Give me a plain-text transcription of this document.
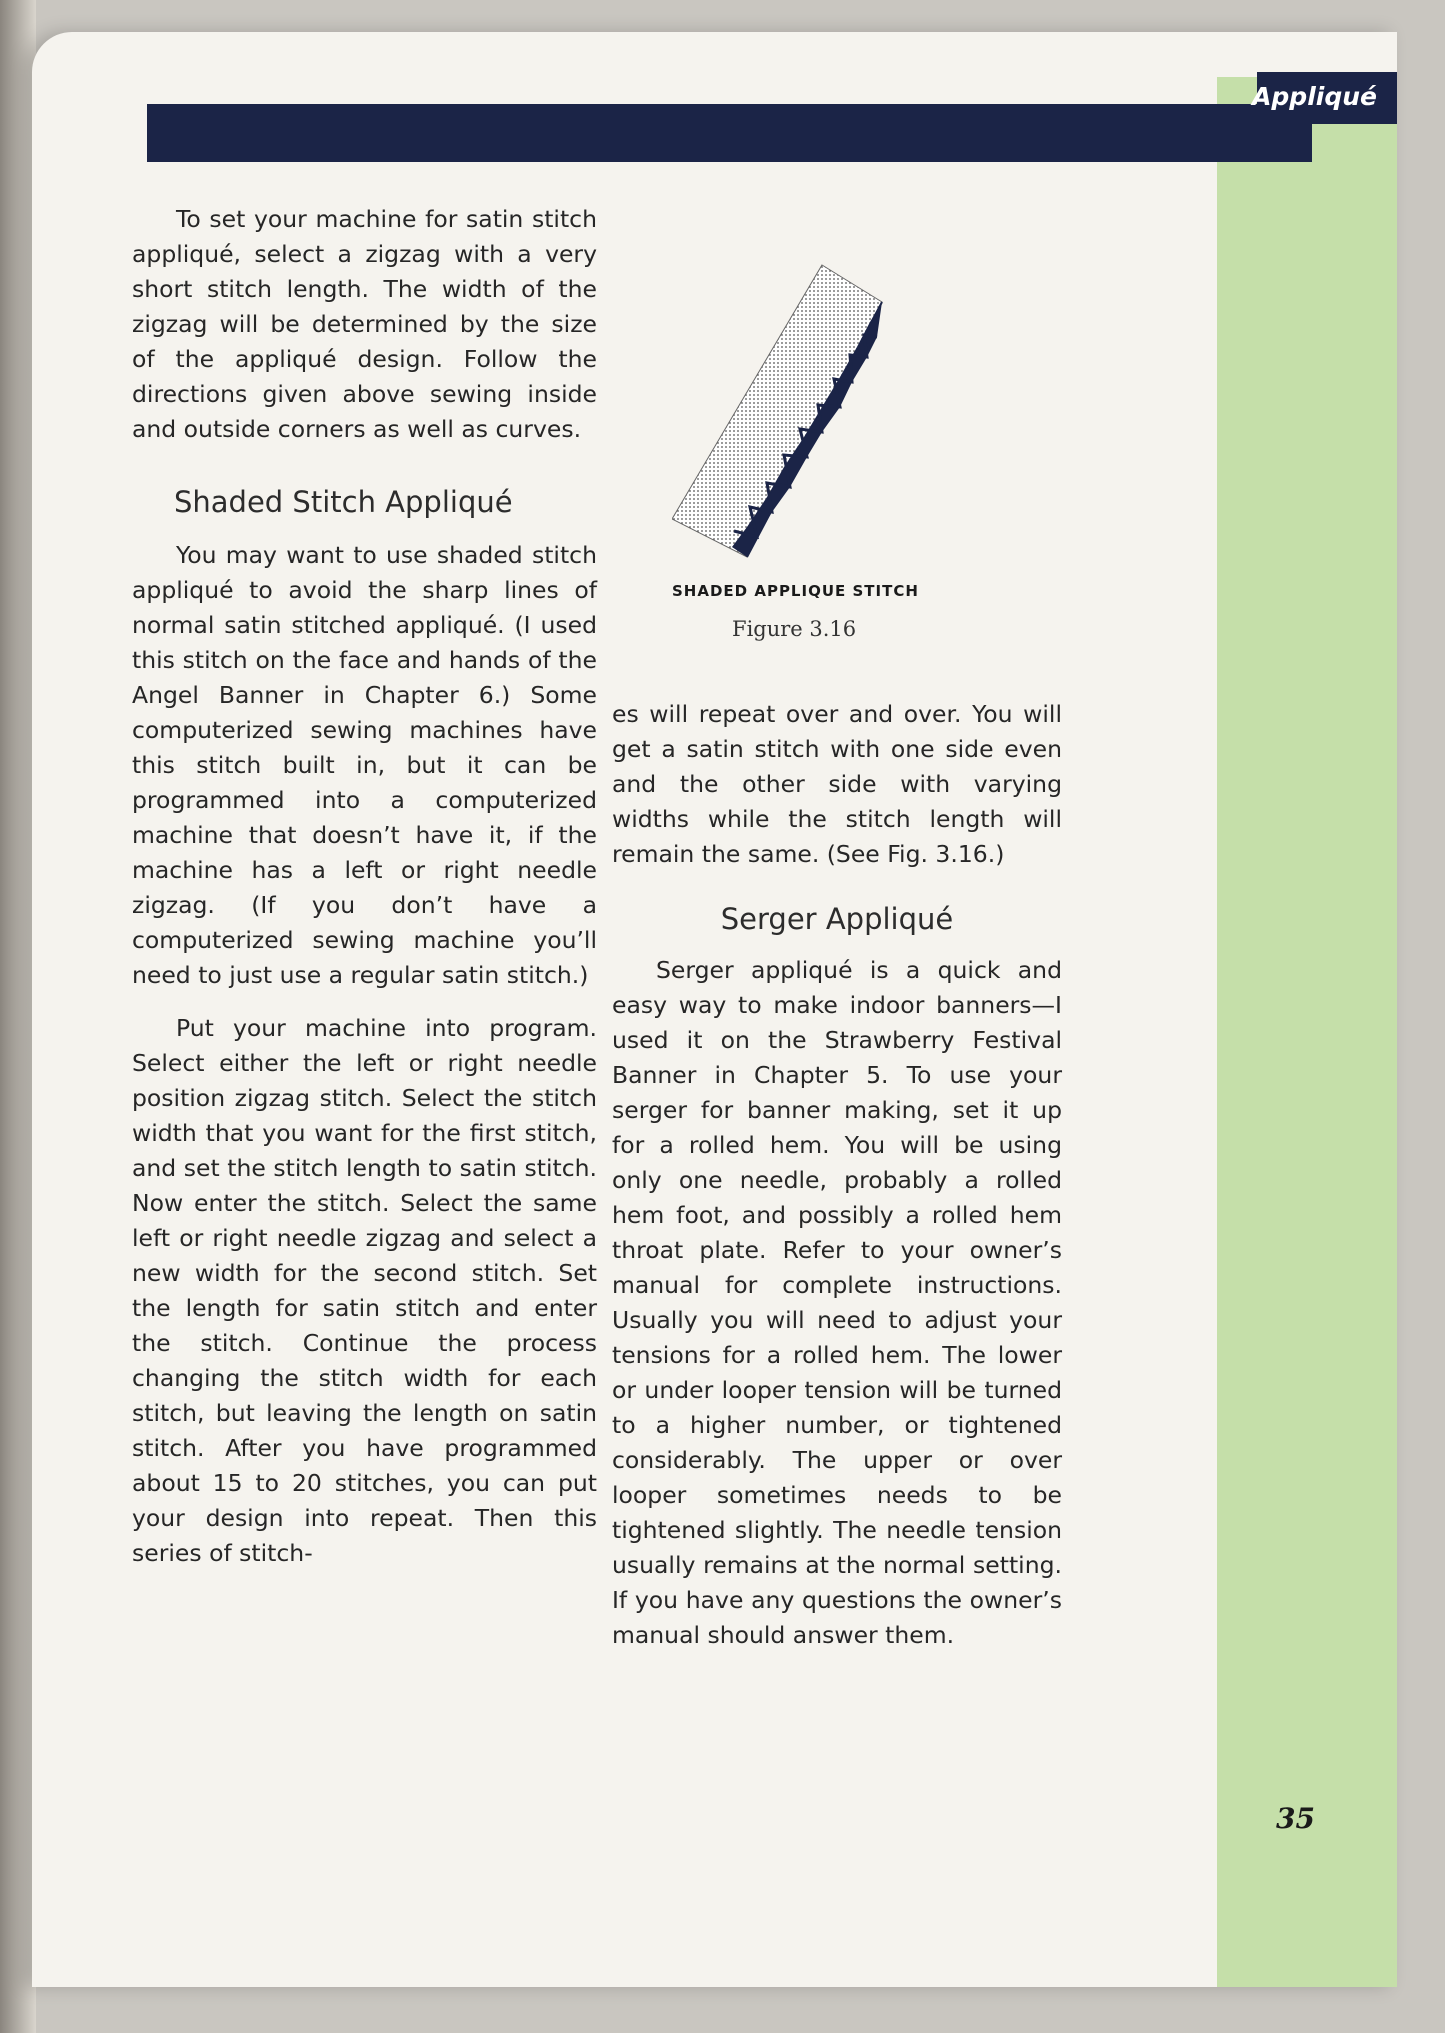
Appliqué

To set your machine for satin stitch appliqué, select a zigzag with a very short stitch length. The width of the zigzag will be determined by the size of the appliqué design. Follow the directions given above sewing inside and outside corners as well as curves.

Shaded Stitch Appliqué

You may want to use shaded stitch appliqué to avoid the sharp lines of normal satin stitched appliqué. (I used this stitch on the face and hands of the Angel Banner in Chapter 6.) Some computerized sewing machines have this stitch built in, but it can be programmed into a computerized machine that doesn’t have it, if the machine has a left or right needle zigzag. (If you don’t have a computerized sewing machine you’ll need to just use a regular satin stitch.)

Put your machine into program. Select either the left or right needle position zigzag stitch. Select the stitch width that you want for the first stitch, and set the stitch length to satin stitch. Now enter the stitch. Select the same left or right needle zigzag and select a new width for the second stitch. Set the length for satin stitch and enter the stitch. Continue the process changing the stitch width for each stitch, but leaving the length on satin stitch. After you have programmed about 15 to 20 stitches, you can put your design into repeat. Then this series of stitch-

SHADED APPLIQUE STITCH
Figure 3.16

es will repeat over and over. You will get a satin stitch with one side even and the other side with varying widths while the stitch length will remain the same. (See Fig. 3.16.)

Serger Appliqué

Serger appliqué is a quick and easy way to make indoor banners—I used it on the Strawberry Festival Banner in Chapter 5. To use your serger for banner making, set it up for a rolled hem. You will be using only one needle, probably a rolled hem foot, and possibly a rolled hem throat plate. Refer to your owner’s manual for complete instructions. Usually you will need to adjust your tensions for a rolled hem. The lower or under looper tension will be turned to a higher number, or tightened considerably. The upper or over looper sometimes needs to be tightened slightly. The needle tension usually remains at the normal setting. If you have any questions the owner’s manual should answer them.

35
